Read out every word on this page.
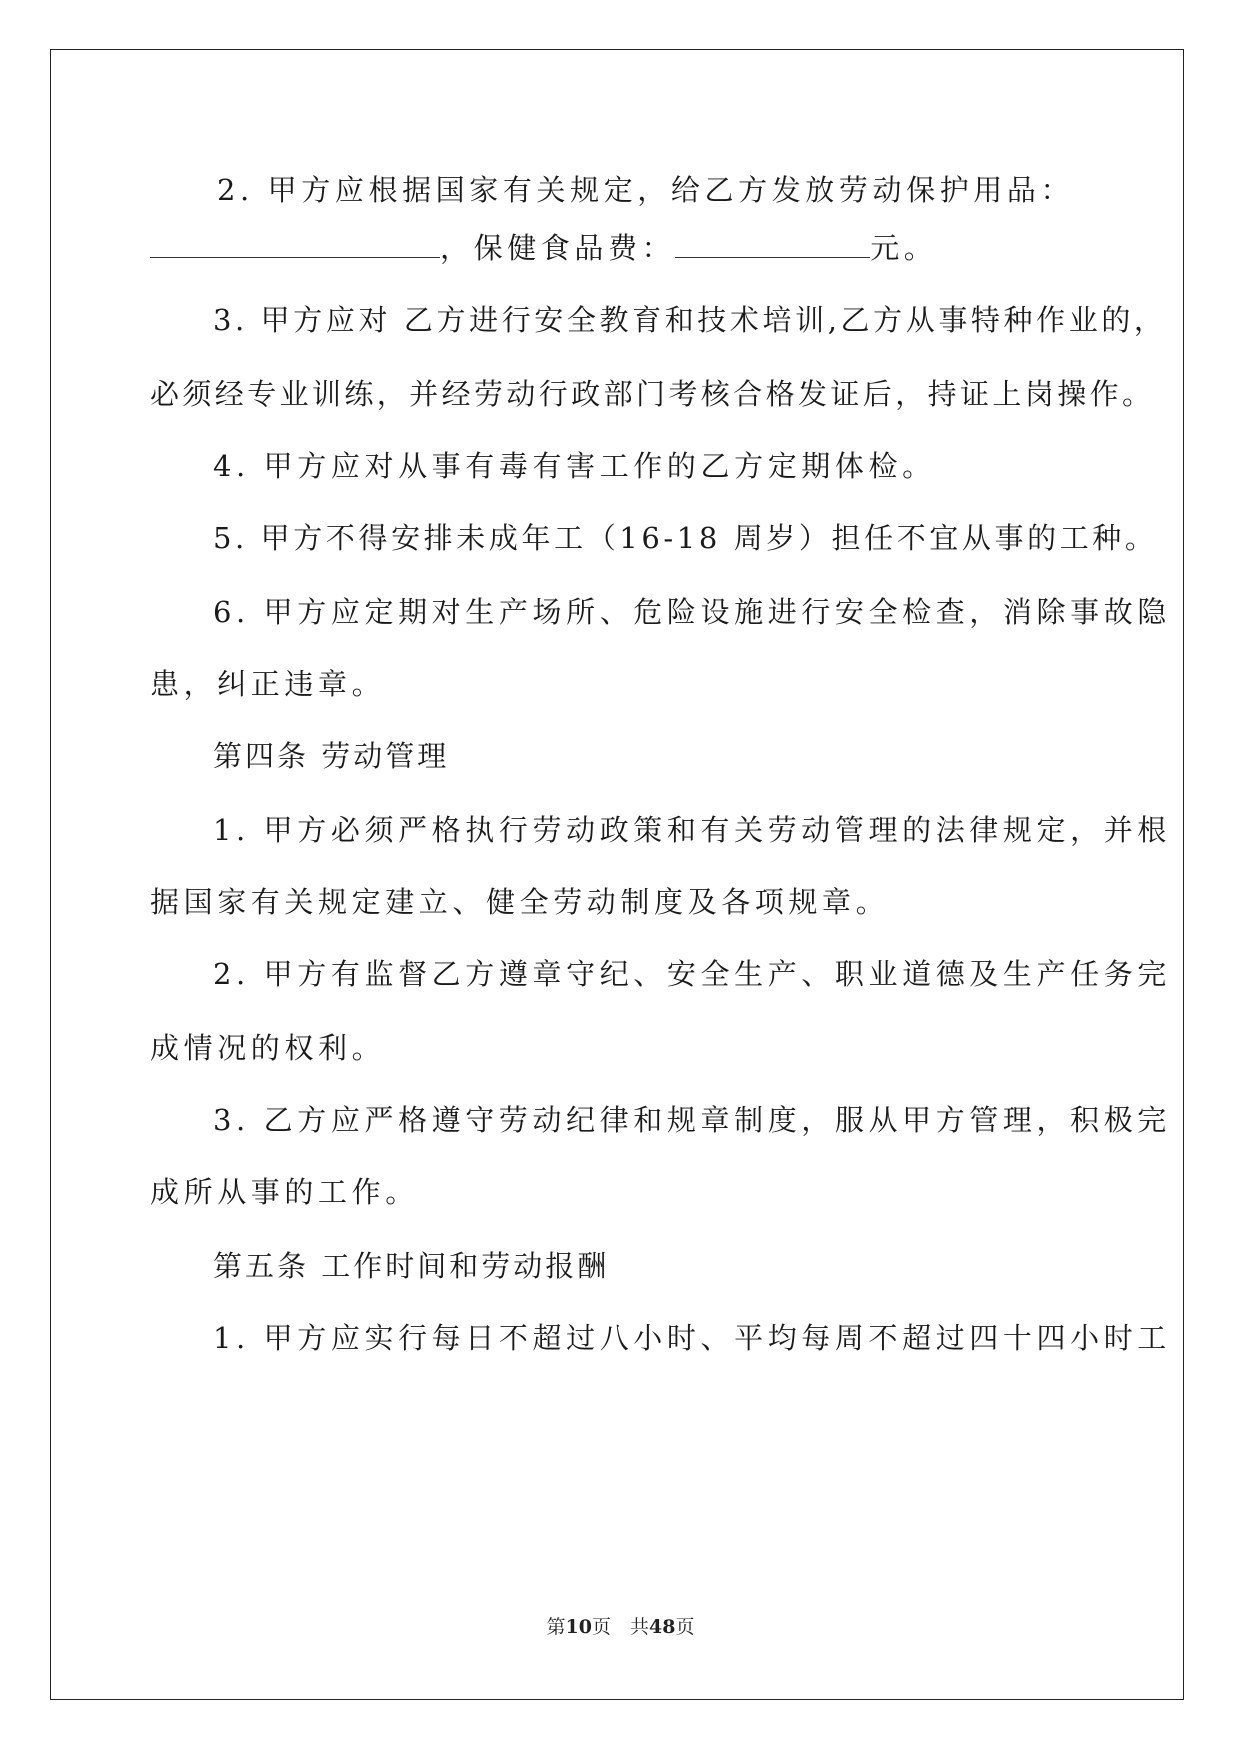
2. 甲方应根据国家有关规定，给乙方发放劳动保护用品：
，保健食品费：	元。
3. 甲方应对 乙方进行安全教育和技术培训,乙方从事特种作业的，
必须经专业训练，并经劳动行政部门考核合格发证后，持证上岗操作。
4. 甲方应对从事有毒有害工作的乙方定期体检。
5. 甲方不得安排未成年工（16-18 周岁）担任不宜从事的工种。
6. 甲方应定期对生产场所、危险设施进行安全检查，消除事故隐
患，纠正违章。
第四条 劳动管理
1. 甲方必须严格执行劳动政策和有关劳动管理的法律规定，并根
据国家有关规定建立、健全劳动制度及各项规章。
2. 甲方有监督乙方遵章守纪、安全生产、职业道德及生产任务完
成情况的权利。
3. 乙方应严格遵守劳动纪律和规章制度，服从甲方管理，积极完
成所从事的工作。
第五条 工作时间和劳动报酬
1. 甲方应实行每日不超过八小时、平均每周不超过四十四小时工
第10页　共48页
